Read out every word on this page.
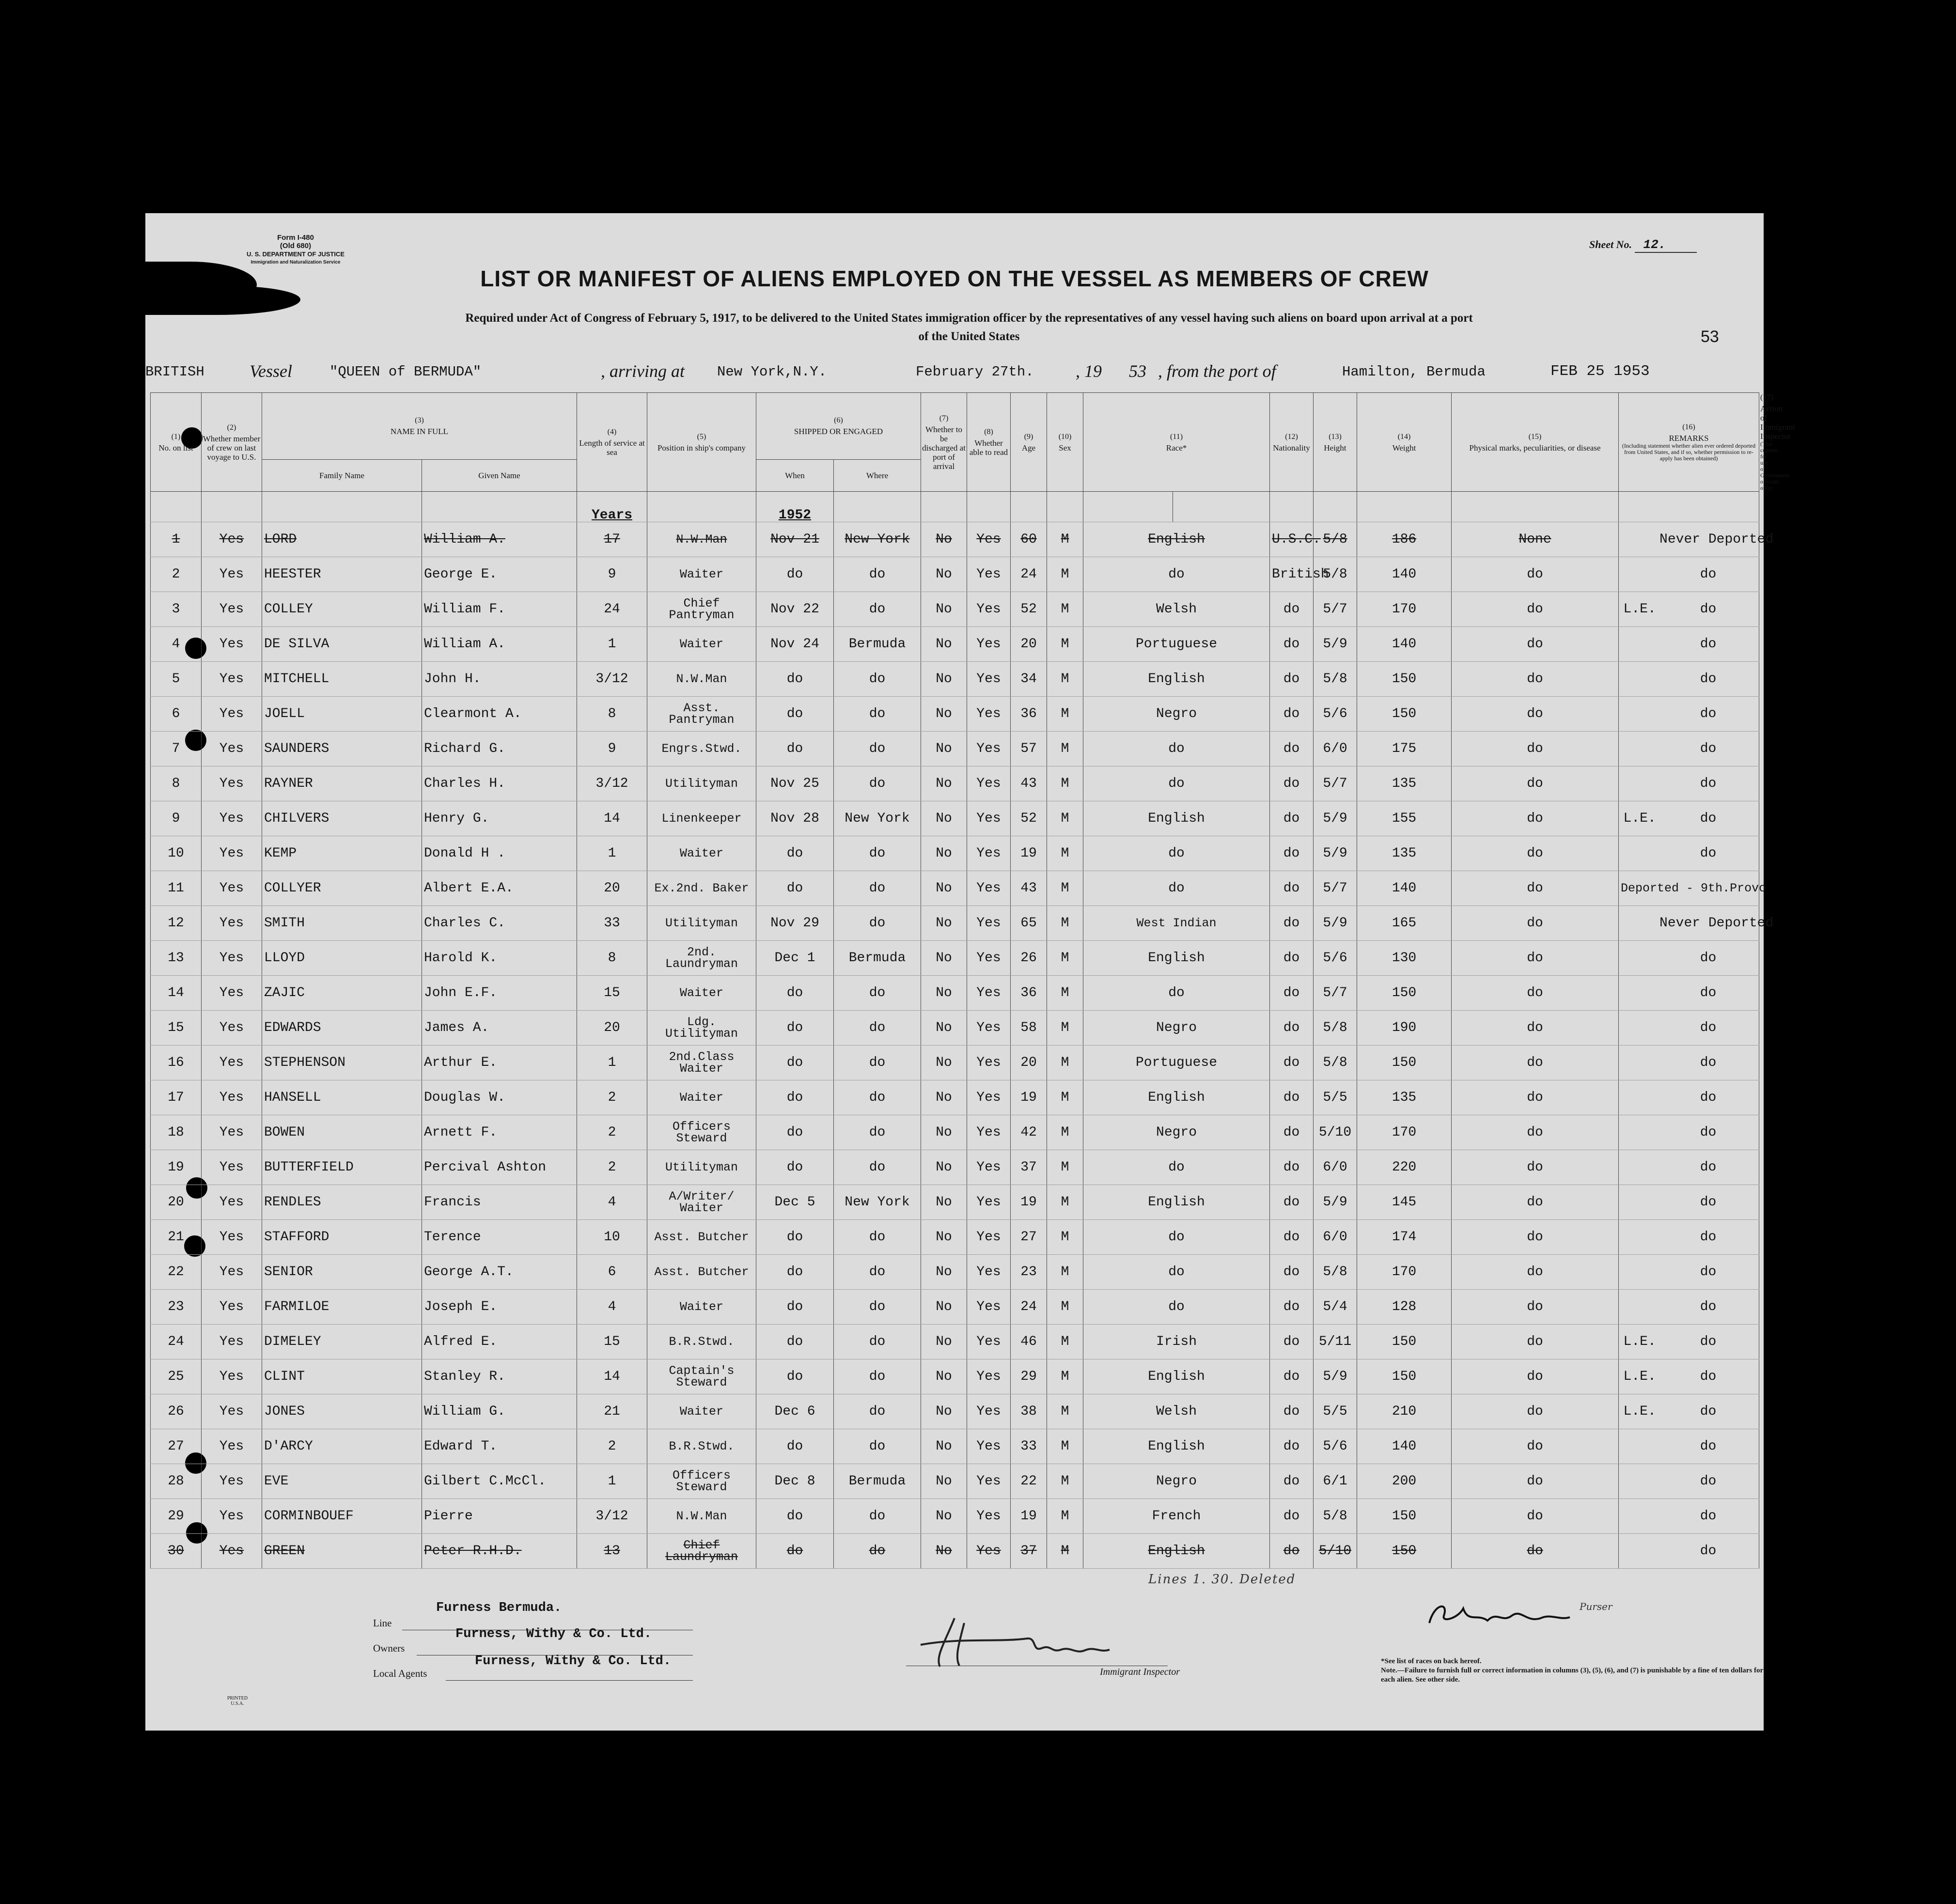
Form I-480
(Old 680)
U. S. DEPARTMENT OF JUSTICE
Immigration and Naturalization Service
Sheet No. 12.
LIST OR MANIFEST OF ALIENS EMPLOYED ON THE VESSEL AS MEMBERS OF CREW
Required under Act of Congress of February 5, 1917, to be delivered to the United States immigration officer by the representatives of any vessel having such aliens on board upon arrival at a port
of the United States	53
BRITISH	Vessel	"QUEEN of BERMUDA"	, arriving at New York,N.Y.	February 27th. , 19 53 , from the port of	Hamilton, Bermuda	FEB 25 1953
(1)
No. on list	(2)
Whether member of crew on last voyage to U.S.	(3)
NAME IN FULL		(4)
Length of service at sea	(5)
Position in ship's company	(6)
SHIPPED OR ENGAGED		(7)
Whether to be discharged at port of arrival	(8)
Whether able to read	(9)
Age	(10)
Sex	(11)
Race*		(12)
Nationality	(13)
Height	(14)
Weight	(15)
Physical marks, peculiarities, or disease	(16)
REMARKS

(Including statement whether alien ever ordered deported from United States, and if so, whether permission to re-apply has been obtained)	(17)
Action of Immigrant Inspector

(This column for use of Government officials only)

		Family Name	Given Name			When	Where												
				Years		1952													
1	Yes	LORD	William A.	17	N.W.Man	Nov 21	New York	No	Yes	60	M	English		U.S.C.	5/8	186	None	Never Deported	
2	Yes	HEESTER	George E.	9	Waiter	do	do	No	Yes	24	M	do		British	5/8	140	do	do	
3	Yes	COLLEY	William F.	24	Chief Pantryman	Nov 22	do	No	Yes	52	M	Welsh		do	5/7	170	do	L.E. do	
4	Yes	DE SILVA	William A.	1	Waiter	Nov 24	Bermuda	No	Yes	20	M	Portuguese		do	5/9	140	do	do	
5	Yes	MITCHELL	John H.	3/12	N.W.Man	do	do	No	Yes	34	M	English		do	5/8	150	do	do	
6	Yes	JOELL	Clearmont A.	8	Asst. Pantryman	do	do	No	Yes	36	M	Negro		do	5/6	150	do	do	
7	Yes	SAUNDERS	Richard G.	9	Engrs.Stwd.	do	do	No	Yes	57	M	do		do	6/0	175	do	do	
8	Yes	RAYNER	Charles H.	3/12	Utilityman	Nov 25	do	No	Yes	43	M	do		do	5/7	135	do	do	
9	Yes	CHILVERS	Henry G.	14	Linenkeeper	Nov 28	New York	No	Yes	52	M	English		do	5/9	155	do	L.E. do	
10	Yes	KEMP	Donald H .	1	Waiter	do	do	No	Yes	19	M	do		do	5/9	135	do	do	
11	Yes	COLLYER	Albert E.A.	20	Ex.2nd. Baker	do	do	No	Yes	43	M	do		do	5/7	140	do	Deported - 9th.Provo	
12	Yes	SMITH	Charles C.	33	Utilityman	Nov 29	do	No	Yes	65	M	West Indian		do	5/9	165	do	Never Deported	
13	Yes	LLOYD	Harold K.	8	2nd. Laundryman	Dec 1	Bermuda	No	Yes	26	M	English		do	5/6	130	do	do	
14	Yes	ZAJIC	John E.F.	15	Waiter	do	do	No	Yes	36	M	do		do	5/7	150	do	do	
15	Yes	EDWARDS	James A.	20	Ldg. Utilityman	do	do	No	Yes	58	M	Negro		do	5/8	190	do	do	
16	Yes	STEPHENSON	Arthur E.	1	2nd.Class Waiter	do	do	No	Yes	20	M	Portuguese		do	5/8	150	do	do	
17	Yes	HANSELL	Douglas W.	2	Waiter	do	do	No	Yes	19	M	English		do	5/5	135	do	do	
18	Yes	BOWEN	Arnett F.	2	Officers Steward	do	do	No	Yes	42	M	Negro		do	5/10	170	do	do	
19	Yes	BUTTERFIELD	Percival Ashton	2	Utilityman	do	do	No	Yes	37	M	do		do	6/0	220	do	do	
20	Yes	RENDLES	Francis	4	A/Writer/ Waiter	Dec 5	New York	No	Yes	19	M	English		do	5/9	145	do	do	
21	Yes	STAFFORD	Terence	10	Asst. Butcher	do	do	No	Yes	27	M	do		do	6/0	174	do	do	
22	Yes	SENIOR	George A.T.	6	Asst. Butcher	do	do	No	Yes	23	M	do		do	5/8	170	do	do	
23	Yes	FARMILOE	Joseph E.	4	Waiter	do	do	No	Yes	24	M	do		do	5/4	128	do	do	
24	Yes	DIMELEY	Alfred E.	15	B.R.Stwd.	do	do	No	Yes	46	M	Irish		do	5/11	150	do	L.E. do	
25	Yes	CLINT	Stanley R.	14	Captain's Steward	do	do	No	Yes	29	M	English		do	5/9	150	do	L.E. do	
26	Yes	JONES	William G.	21	Waiter	Dec 6	do	No	Yes	38	M	Welsh		do	5/5	210	do	L.E. do	
27	Yes	D'ARCY	Edward T.	2	B.R.Stwd.	do	do	No	Yes	33	M	English		do	5/6	140	do	do	
28	Yes	EVE	Gilbert C.McCl.	1	Officers Steward	Dec 8	Bermuda	No	Yes	22	M	Negro		do	6/1	200	do	do	
29	Yes	CORMINBOUEF	Pierre	3/12	N.W.Man	do	do	No	Yes	19	M	French		do	5/8	150	do	do	
30	Yes	GREEN	Peter R.H.D.	13	Chief Laundryman	do	do	No	Yes	37	M	English		do	5/10	150	do	do	
Lines 1. 30. Deleted
Line
Furness Bermuda.
Owners
Furness, Withy & Co. Ltd.
Local Agents
Furness, Withy & Co. Ltd.
Immigrant Inspector
Purser
*See list of races on back hereof.
Note.—Failure to furnish full or correct information in columns (3), (5), (6), and (7) is punishable by a fine of ten dollars for each alien. See other side.
PRINTED U.S.A.
